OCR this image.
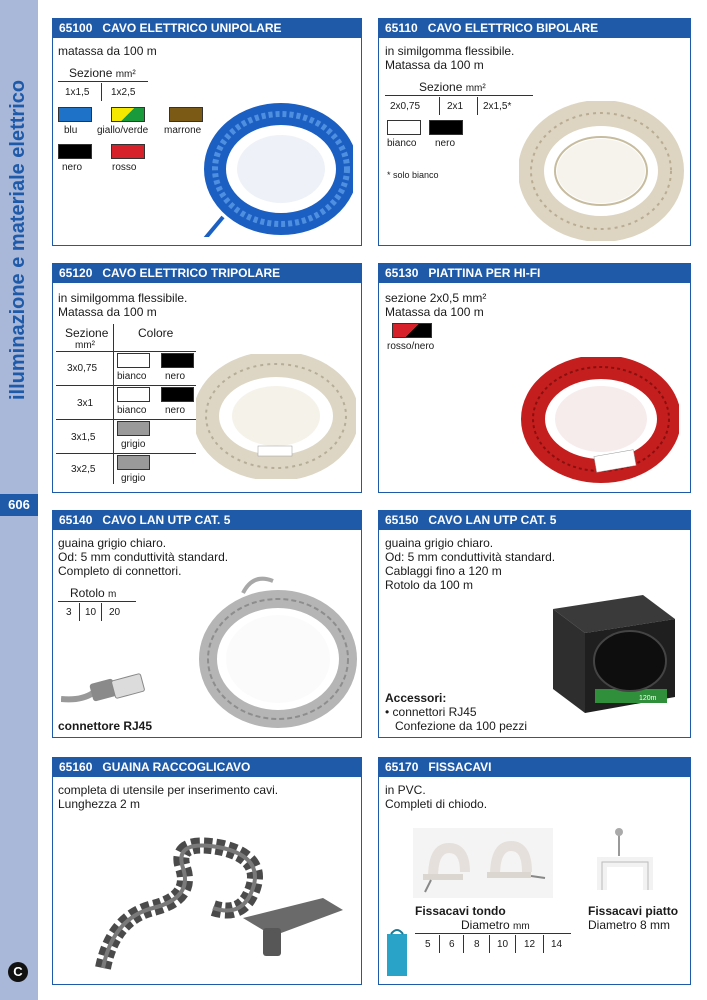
illuminazione e materiale elettrico
606
C
65100 CAVO ELETTRICO UNIPOLARE
matassa da 100 m
Sezione mm²
1x1,5 1x2,5
blu giallo/verde marrone
nero	rosso
65110 CAVO ELETTRICO BIPOLARE
in similgomma flessibile.
Matassa da 100 m
Sezione mm²
2x0,75	2x1 2x1,5*
bianco nero
* solo bianco
65120 CAVO ELETTRICO TRIPOLARE
in similgomma flessibile.
Matassa da 100 m
Sezione
mm²
Colore
3x0,75
bianco nero
3x1
bianco nero
3x1,5
grigio
3x2,5
grigio
65130 PIATTINA PER HI-FI
sezione 2x0,5 mm²
Matassa da 100 m
rosso/nero
65140 CAVO LAN UTP CAT. 5
guaina grigio chiaro.
Od: 5 mm conduttività standard.
Completo di connettori.
Rotolo m
3 10 20
connettore RJ45
65150 CAVO LAN UTP CAT. 5
guaina grigio chiaro.
Od: 5 mm conduttività standard.
Cablaggi fino a 120 m
Rotolo da 100 m
120m
Accessori:
• connettori RJ45
Confezione da 100 pezzi
65160 GUAINA RACCOGLICAVO
completa di utensile per inserimento cavi.
Lunghezza 2 m
65170 FISSACAVI
in PVC.
Completi di chiodo.
Fissacavi tondo
Diametro mm
5 6 8 10 12 14
Fissacavi piatto
Diametro 8 mm
